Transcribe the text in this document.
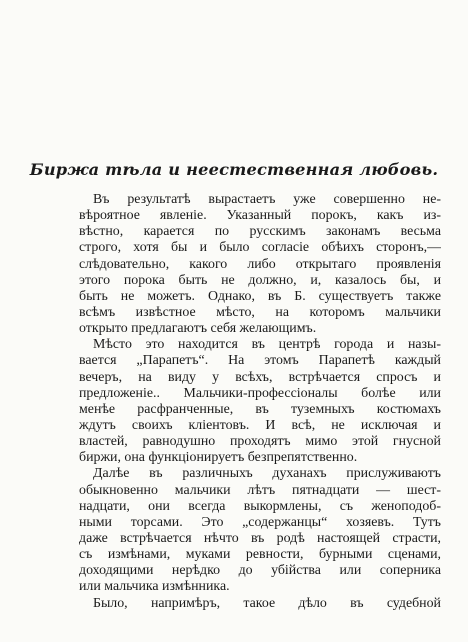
Биржа тѣла и неестественная любовь.
Въ результатѣ выраcтаетъ уже совершенно не-
вѣроятное явленіе. Указанный порокъ, какъ из-
вѣстно, карается по русскимъ законамъ весьма
строго, хотя бы и было согласіе обѣихъ сторонъ,—
слѣдовательно, какого либо открытаго проявленія
этого порока быть не должно, и, казалось бы, и
быть не можетъ. Однако, въ Б. существуетъ также
всѣмъ извѣстное мѣсто, на которомъ мальчики
открыто предлагаютъ себя желающимъ.
Мѣсто это находится въ центрѣ города и назы-
вается „Парапетъ“. На этомъ Парапетѣ каждый
вечеръ, на виду у всѣхъ, встрѣчается спросъ и
предложеніе.. Мальчики-профессіоналы болѣе или
менѣе расфранченные, въ туземныхъ костюмахъ
ждутъ своихъ кліентовъ. И всѣ, не исключая и
властей, равнодушно проходятъ мимо этой гнусной
биржи, она функціонируетъ безпрепятственно.
Далѣе въ различныхъ духанахъ прислуживаютъ
обыкновенно мальчики лѣтъ пятнадцати — шест-
надцати, они всегда выкормлены, съ женоподоб-
ными торсами. Это „содержанцы“ хозяевъ. Тутъ
даже встрѣчается нѣчто въ родѣ настоящей страсти,
съ измѣнами, муками ревности, бурными сценами,
доходящими нерѣдко до убійства или соперника
или мальчика измѣнника.
Было, напримѣръ, такое дѣло въ судебной
